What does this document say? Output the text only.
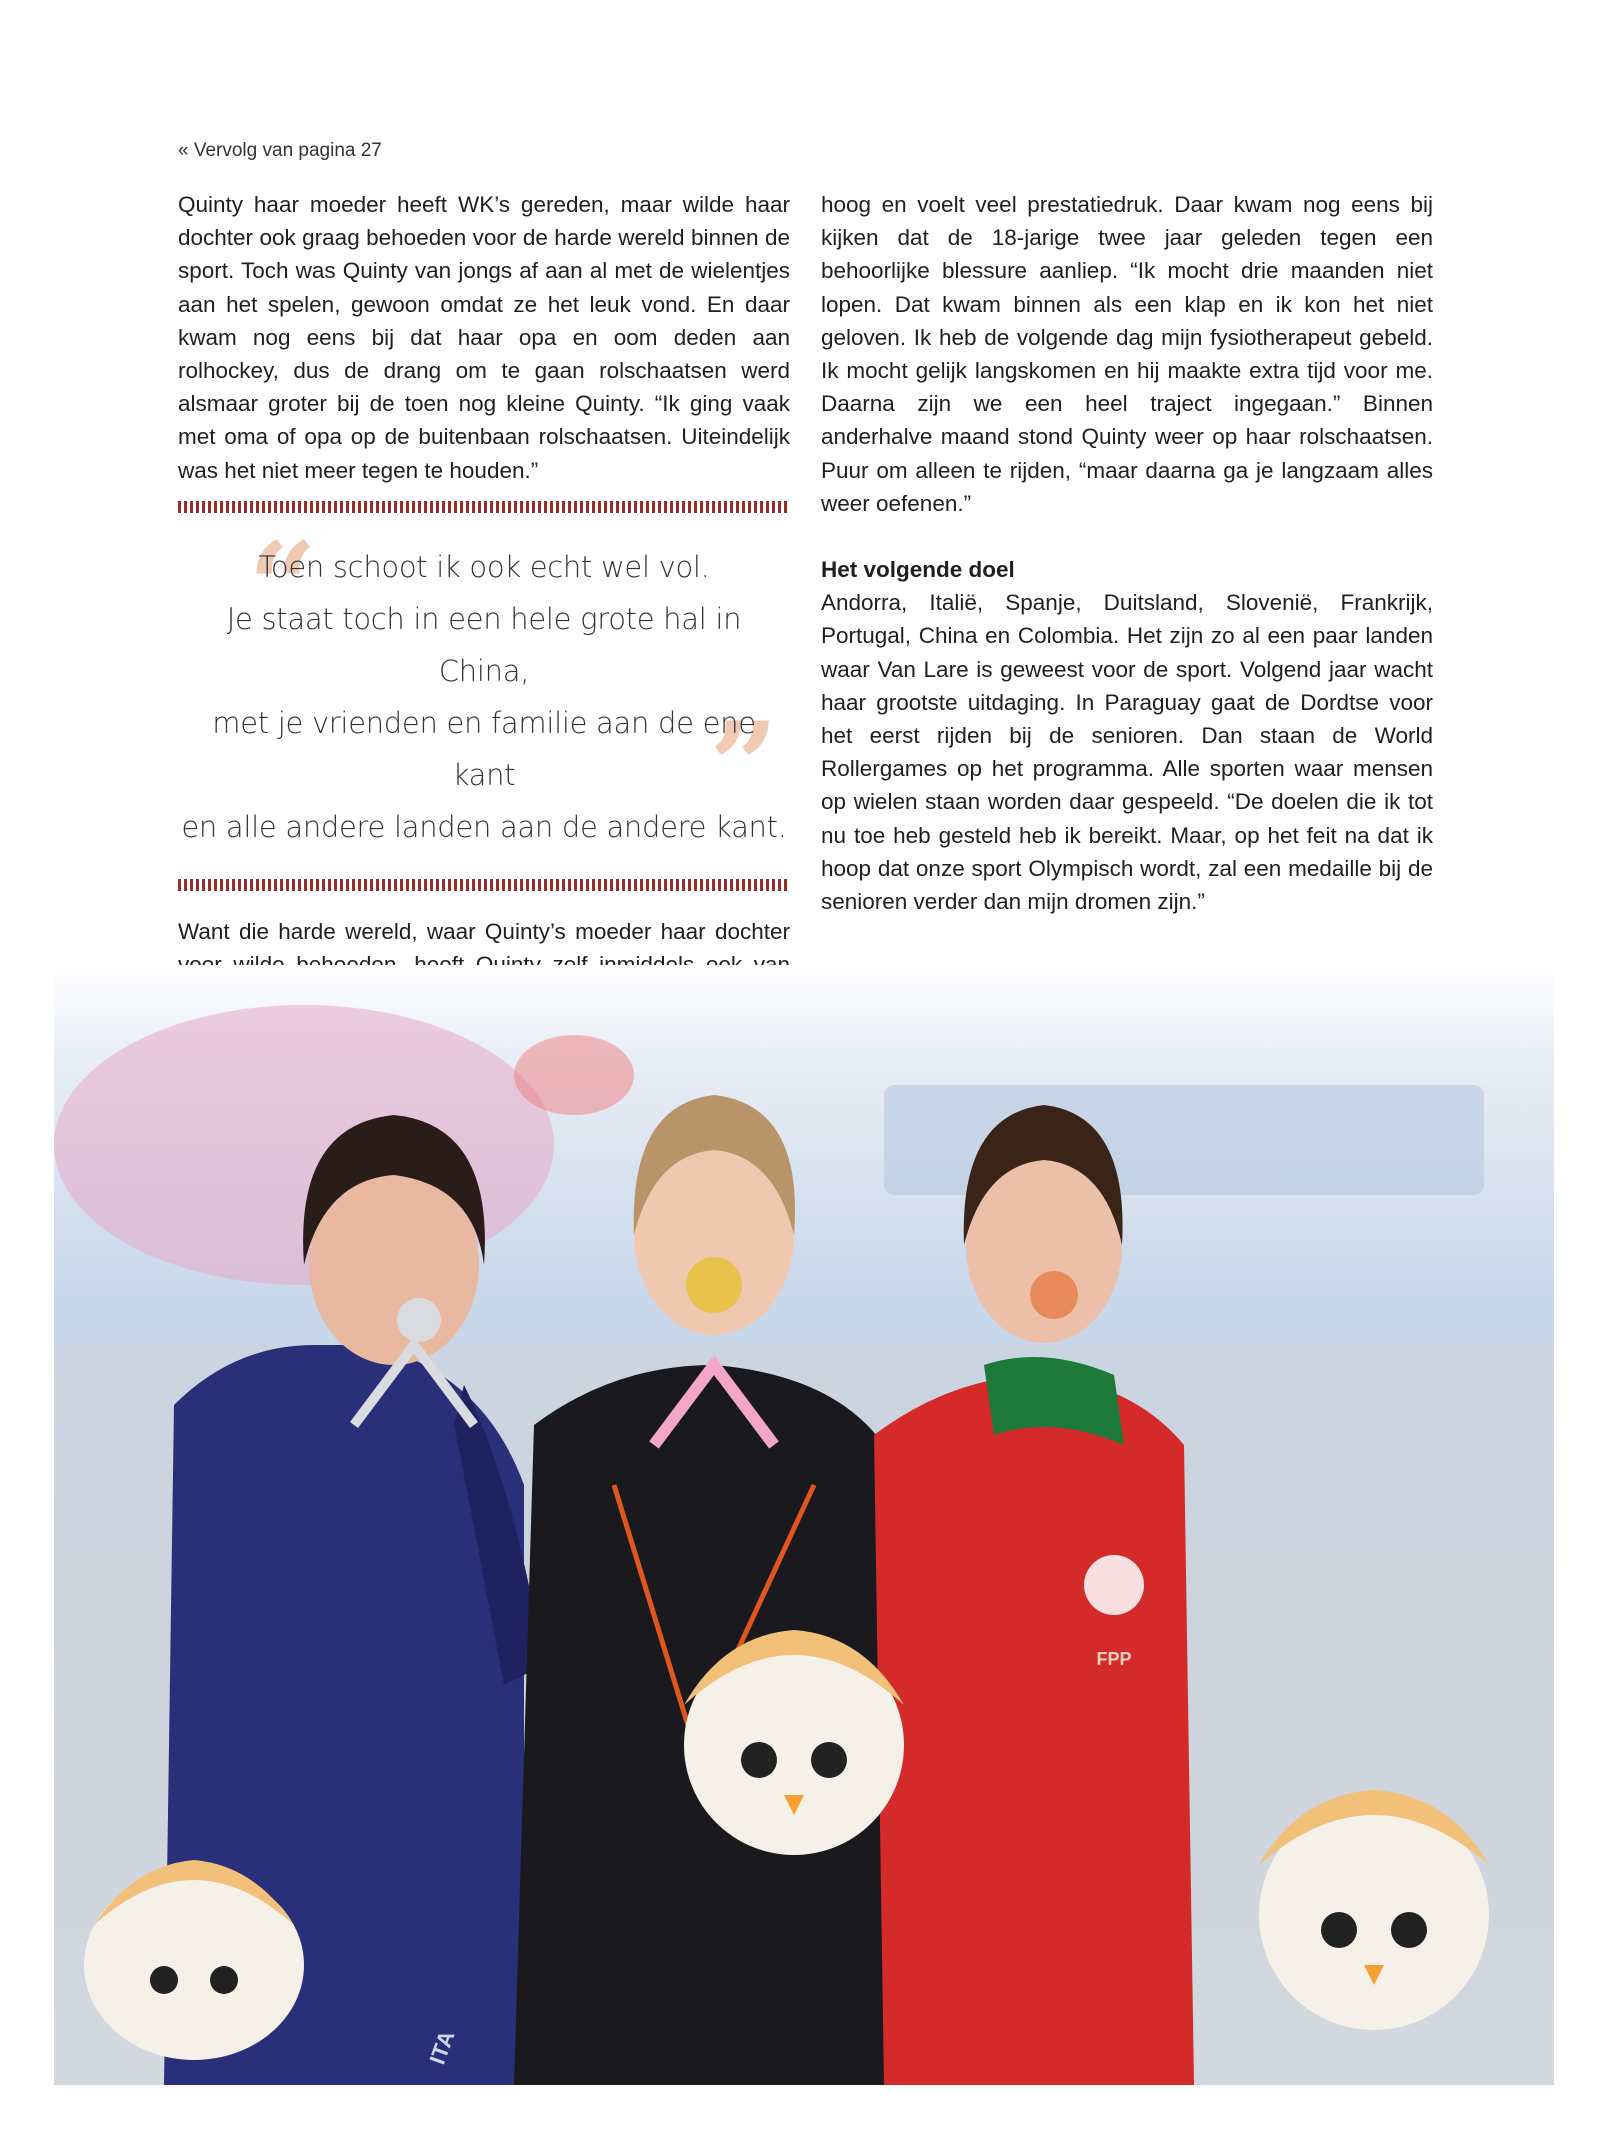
« Vervolg van pagina 27

Quinty haar moeder heeft WK’s gereden, maar wilde haar dochter ook graag behoeden voor de harde wereld binnen de sport. Toch was Quinty van jongs af aan al met de wielentjes aan het spelen, gewoon omdat ze het leuk vond. En daar kwam nog eens bij dat haar opa en oom deden aan rolhockey, dus de drang om te gaan rolschaatsen werd alsmaar groter bij de toen nog kleine Quinty. “Ik ging vaak met oma of opa op de buitenbaan rolschaatsen. Uiteindelijk was het niet meer tegen te houden.”

“
”
Toen schoot ik ook echt wel vol.
Je staat toch in een hele grote hal in China,
met je vrienden en familie aan de ene kant
en alle andere landen aan de andere kant.

Want die harde wereld, waar Quinty’s moeder haar dochter

hoog en voelt veel prestatiedruk. Daar kwam nog eens bij kijken dat de 18-jarige twee jaar geleden tegen een behoorlijke blessure aanliep. “Ik mocht drie maanden niet lopen. Dat kwam binnen als een klap en ik kon het niet geloven. Ik heb de volgende dag mijn fysiotherapeut gebeld. Ik mocht gelijk langskomen en hij maakte extra tijd voor me. Daarna zijn we een heel traject ingegaan.” Binnen anderhalve maand stond Quinty weer op haar rolschaatsen. Puur om alleen te rijden, “maar daarna ga je langzaam alles weer oefenen.”

Het volgende doel

Andorra, Italië, Spanje, Duitsland, Slovenië, Frankrijk, Portugal, China en Colombia. Het zijn zo al een paar landen waar Van Lare is geweest voor de sport. Volgend jaar wacht haar grootste uitdaging. In Paraguay gaat de Dordtse voor het eerst rijden bij de senioren. Dan staan de World Rollergames op het programma. Alle sporten waar mensen op wielen staan worden daar gespeeld. “De doelen die ik tot nu toe heb gesteld heb ik bereikt. Maar, op het feit na dat ik hoop dat onze sport Olympisch wordt, zal een medaille bij de senioren verder dan mijn dromen zijn.”

FPP
ITA
